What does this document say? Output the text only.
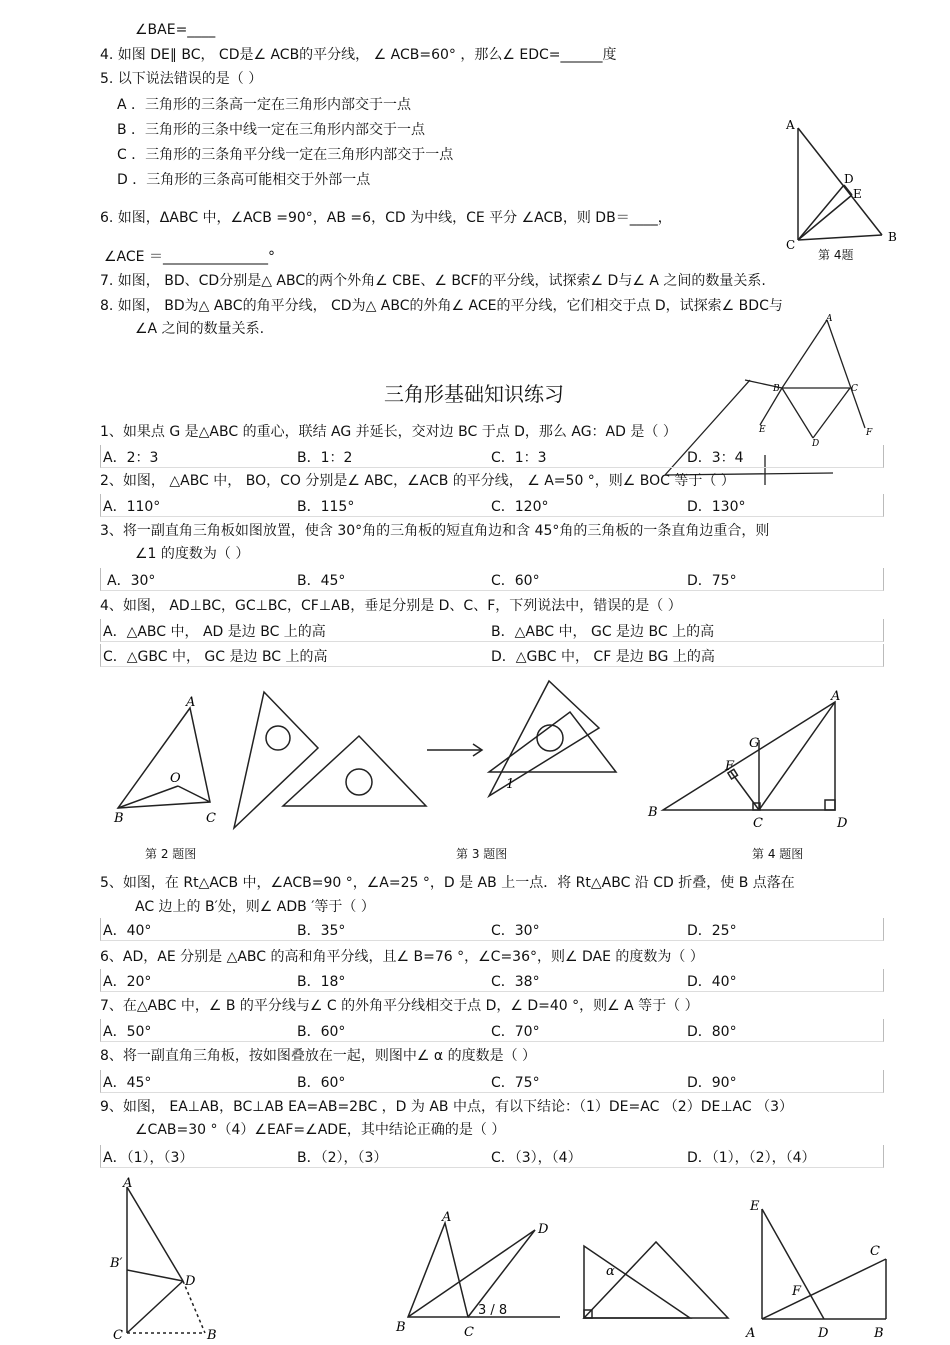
∠BAE=____
4. 如图 DE∥ BC， CD是∠ ACB的平分线， ∠ ACB=60° ，那么∠ EDC=______度
5. 以下说法错误的是（ ）
A ．三角形的三条高一定在三角形内部交于一点
B ．三角形的三条中线一定在三角形内部交于一点
C ．三角形的三条角平分线一定在三角形内部交于一点
D ．三角形的三条高可能相交于外部一点
6. 如图，ΔABC 中，∠ACB =90°，AB =6，CD 为中线，CE 平分 ∠ACB，则 DB＝____，
∠ACE ＝_______________°
7. 如图， BD、CD分别是△ ABC的两个外角∠ CBE、∠ BCF的平分线，试探索∠ D与∠ A 之间的数量关系.
8. 如图， BD为△ ABC的角平分线， CD为△ ABC的外角∠ ACE的平分线，它们相交于点 D，试探索∠ BDC与
∠A 之间的数量关系.
A
D
E
C
B
第 4题
A
B	C
E	F
D
三角形基础知识练习
1、如果点 G 是△ABC 的重心，联结 AG 并延长，交对边 BC 于点 D，那么 AG：AD 是（ ）
A．2：3	B．1：2	C．1：3	D．3：4
2、如图， △ABC 中， BO，CO 分别是∠ ABC，∠ACB 的平分线， ∠ A=50 °，则∠ BOC 等于（ ）
A．110°	B．115°	C．120°	D．130°
3、将一副直角三角板如图放置，使含 30°角的三角板的短直角边和含 45°角的三角板的一条直角边重合，则
∠1 的度数为（ ）
A．30°	B．45°	C．60°	D．75°
4、如图， AD⊥BC，GC⊥BC，CF⊥AB，垂足分别是 D、C、F，下列说法中，错误的是（ ）
A．△ABC 中， AD 是边 BC 上的高	B．△ABC 中， GC 是边 BC 上的高
C．△GBC 中， GC 是边 BC 上的高	D．△GBC 中， CF 是边 BG 上的高
A
O
B	C
1
A
G
F
B
C	D
第 2 题图	第 3 题图	第 4 题图
5、如图，在 Rt△ACB 中，∠ACB=90 °，∠A=25 °，D 是 AB 上一点．将 Rt△ABC 沿 CD 折叠，使 B 点落在
AC 边上的 B′处，则∠ ADB ′等于（ ）
A．40°	B．35°	C．30°	D．25°
6、AD，AE 分别是 △ABC 的高和角平分线，且∠ B=76 °，∠C=36°，则∠ DAE 的度数为（ ）
A．20°	B．18°	C．38°	D．40°
7、在△ABC 中，∠ B 的平分线与∠ C 的外角平分线相交于点 D，∠ D=40 °，则∠ A 等于（ ）
A．50°	B．60°	C．70°	D．80°
8、将一副直角三角板，按如图叠放在一起，则图中∠ α 的度数是（ ）
A．45°	B．60°	C．75°	D．90°
9、如图， EA⊥AB，BC⊥AB EA=AB=2BC ，D 为 AB 中点，有以下结论：（1）DE=AC （2）DE⊥AC （3）
∠CAB=30 °（4）∠EAF=∠ADE，其中结论正确的是（ ）
A．（1），（3）	B．（2），（3）	C．（3），（4）	D．（1），（2），（4）
A
B′
D
C	B
A
D
B	C
α
E
C
F
A	D	B
3 / 8
